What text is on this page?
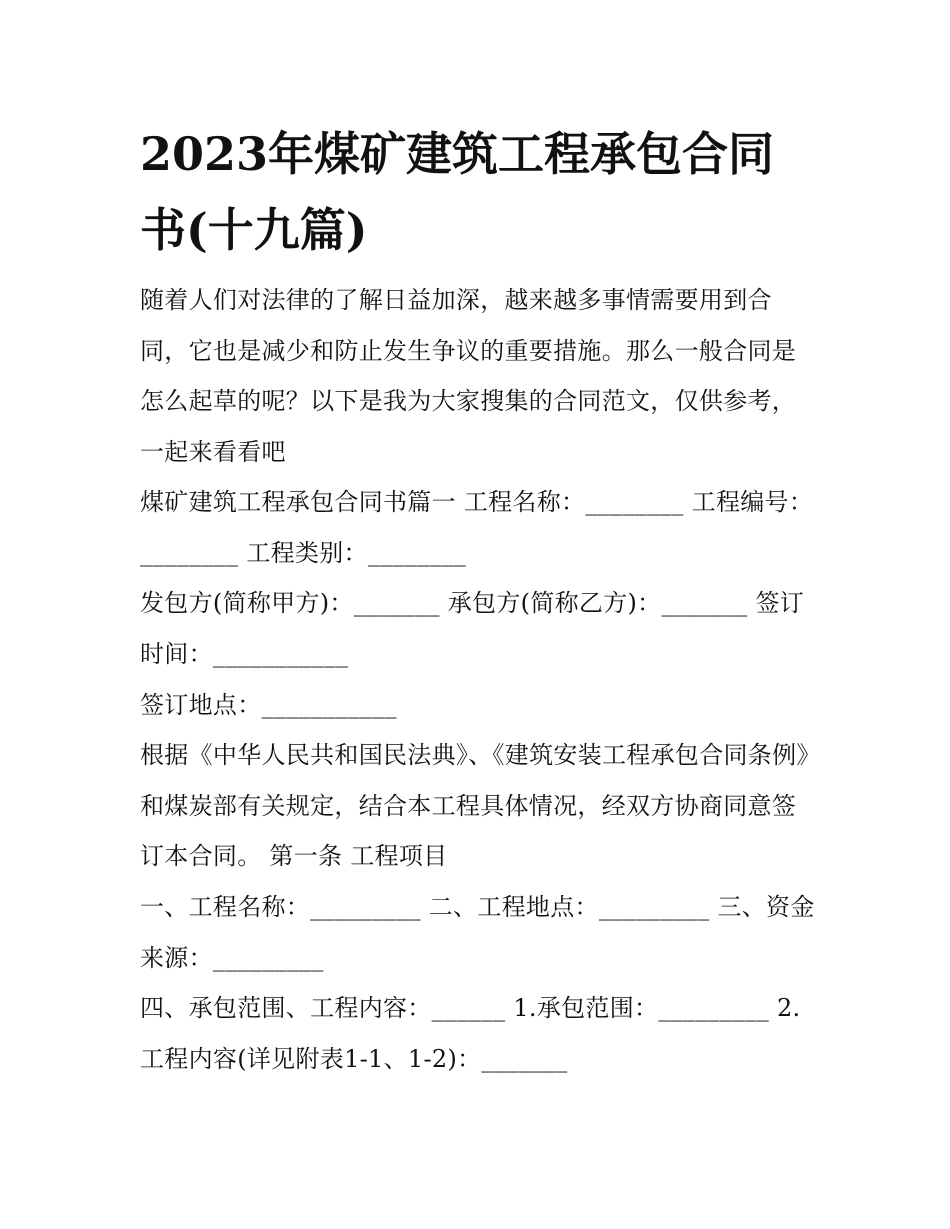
2023年煤矿建筑工程承包合同书(十九篇)

随着人们对法律的了解日益加深，越来越多事情需要用到合同，它也是减少和防止发生争议的重要措施。那么一般合同是怎么起草的呢？以下是我为大家搜集的合同范文，仅供参考，一起来看看吧

煤矿建筑工程承包合同书篇一 工程名称：________ 工程编号：________ 工程类别：________

发包方(简称甲方)：_______ 承包方(简称乙方)：_______ 签订时间：___________

签订地点：___________

根据《中华人民共和国民法典》、《建筑安装工程承包合同条例》和煤炭部有关规定，结合本工程具体情况，经双方协商同意签订本合同。 第一条 工程项目

一、工程名称：_________ 二、工程地点：_________ 三、资金来源：_________

四、承包范围、工程内容：______ 1.承包范围：_________ 2.工程内容(详见附表1-1、1-2)：_______
